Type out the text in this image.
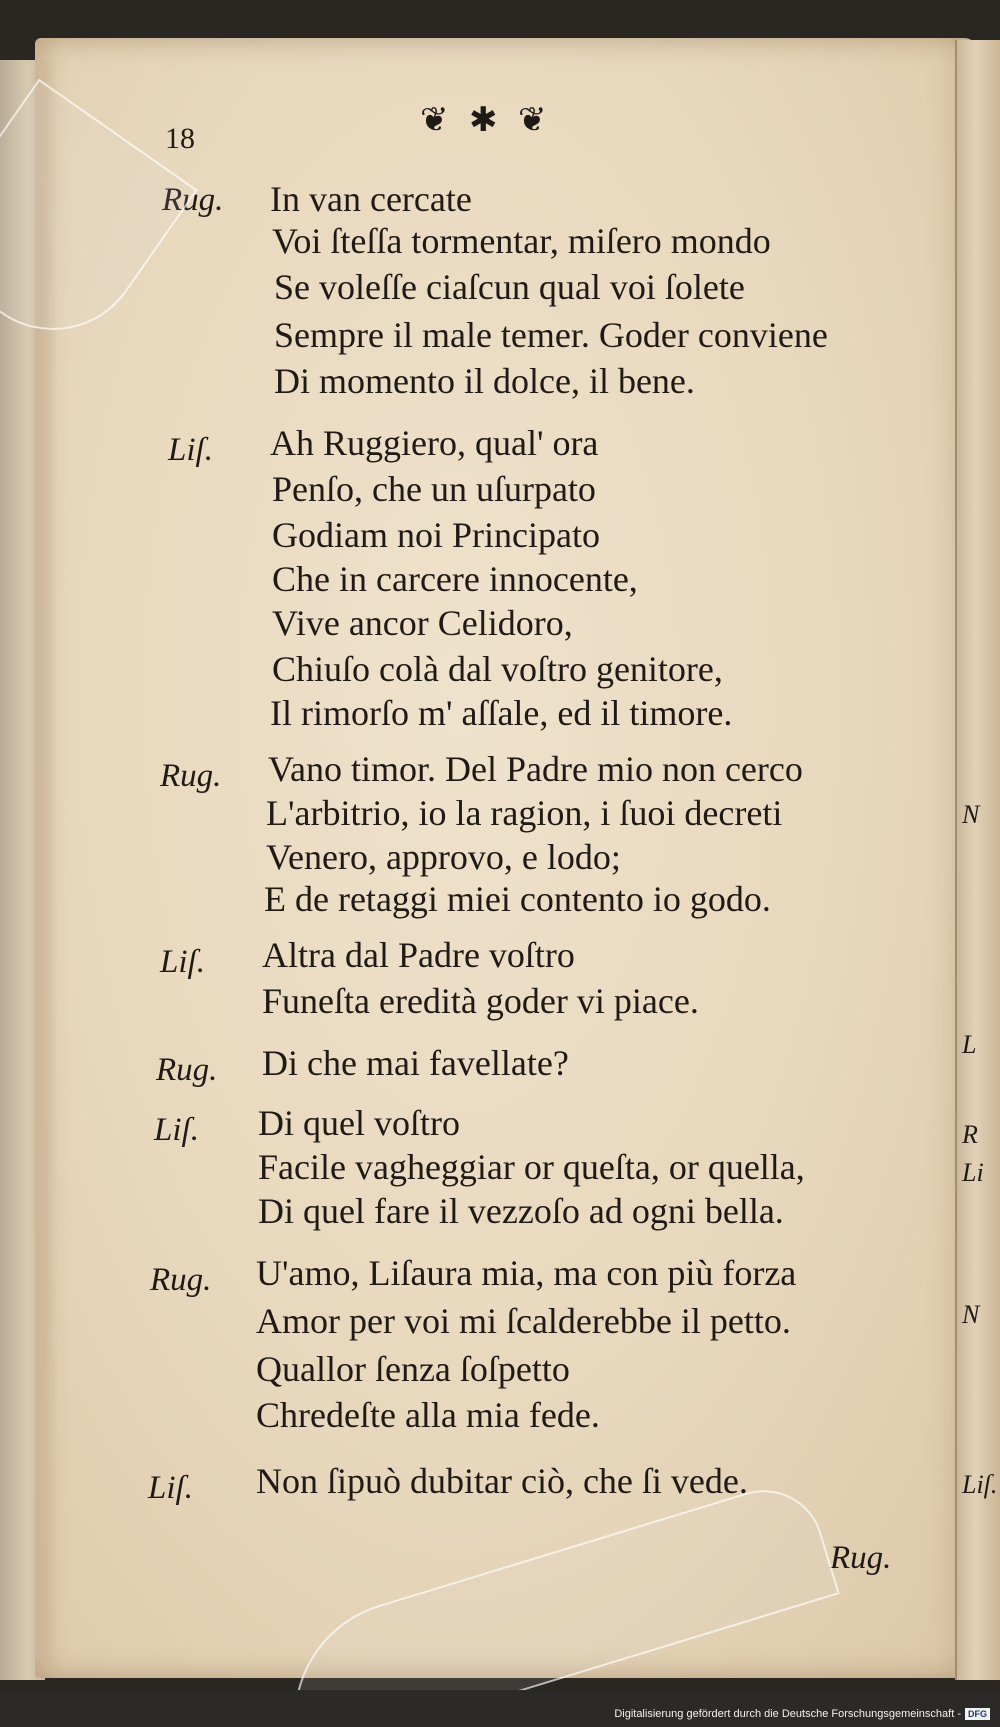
18	❦ ✱ ❦
Rug. In van cercate
Voi ſteſſa tormentar, miſero mondo
Se voleſſe ciaſcun qual voi ſolete
Sempre il male temer. Goder conviene
Di momento il dolce, il bene.
Liſ. Ah Ruggiero, qual' ora
Penſo, che un uſurpato
Godiam noi Principato
Che in carcere innocente,
Vive ancor Celidoro,
Chiuſo colà dal voſtro genitore,
Il rimorſo m' aſſale, ed il timore.
Rug. Vano timor. Del Padre mio non cerco
L'arbitrio, io la ragion, i ſuoi decreti
Venero, approvo, e lodo;
E de retaggi miei contento io godo.
Liſ. Altra dal Padre voſtro
Funeſta eredità goder vi piace.
Rug. Di che mai favellate?
Liſ. Di quel voſtro
Facile vagheggiar or queſta, or quella,
Di quel fare il vezzoſo ad ogni bella.
Rug. U'amo, Liſaura mia, ma con più forza
Amor per voi mi ſcalderebbe il petto.
Quallor ſenza ſoſpetto
Chredeſte alla mia fede.
Liſ. Non ſipuò dubitar ciò, che ſi vede.
Rug.
N
L
R
Li
N
Liſ.
Digitalisierung gefördert durch die Deutsche Forschungsgemeinschaft - DFG
